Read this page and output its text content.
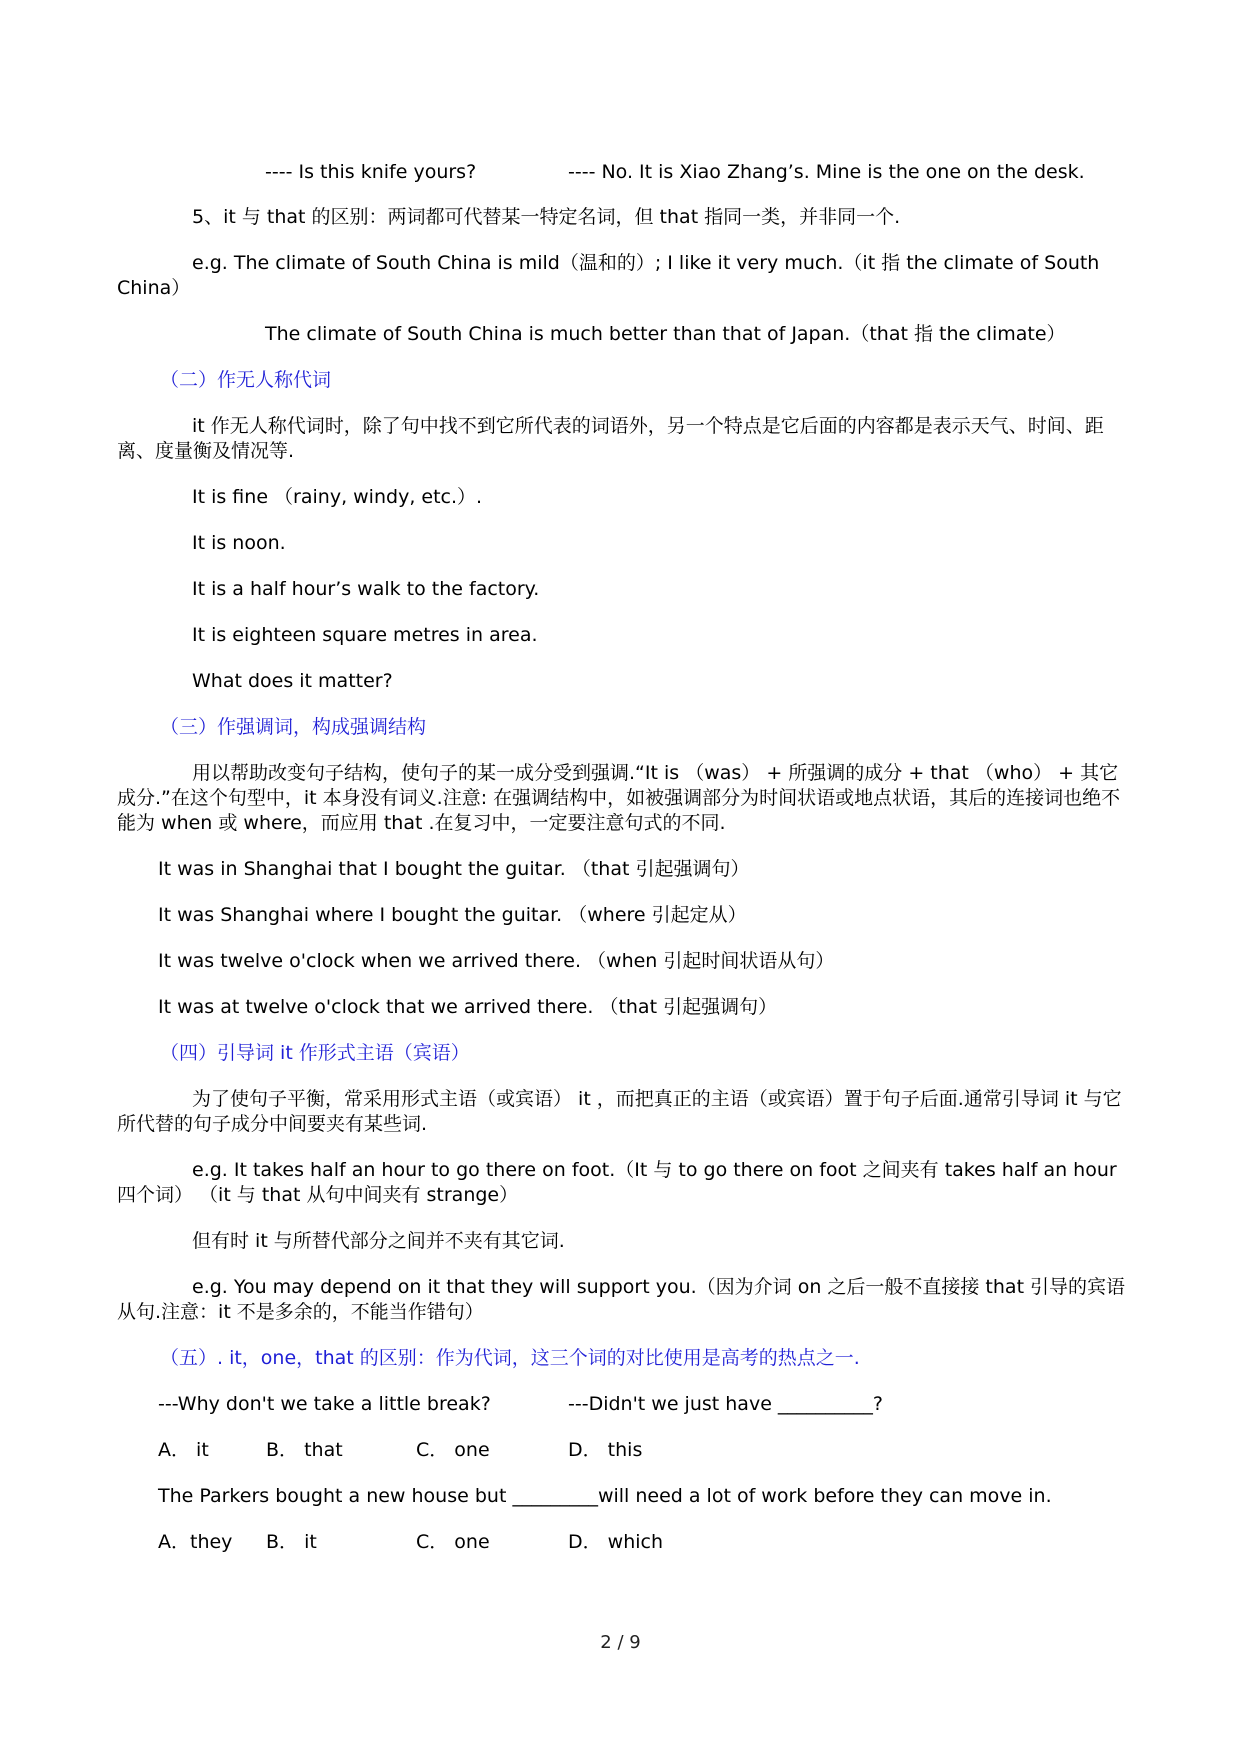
---- Is this knife yours?	---- No. It is Xiao Zhang’s. Mine is the one on the desk.
5、it 与 that 的区别：两词都可代替某一特定名词，但 that 指同一类，并非同一个.
e.g. The climate of South China is mild（温和的）; I like it very much.（it 指 the climate of South China）
The climate of South China is much better than that of Japan.（that 指 the climate）
（二）作无人称代词
it 作无人称代词时，除了句中找不到它所代表的词语外，另一个特点是它后面的内容都是表示天气、时间、距离、度量衡及情况等.
It is fine （rainy, windy, etc.）.
It is noon.
It is a half hour’s walk to the factory.
It is eighteen square metres in area.
What does it matter?
（三）作强调词，构成强调结构
用以帮助改变句子结构，使句子的某一成分受到强调.“It is （was） + 所强调的成分 + that （who） + 其它成分.”在这个句型中，it 本身没有词义.注意: 在强调结构中，如被强调部分为时间状语或地点状语，其后的连接词也绝不能为 when 或 where，而应用 that .在复习中，一定要注意句式的不同.
It was in Shanghai that I bought the guitar. （that 引起强调句）
It was Shanghai where I bought the guitar. （where 引起定从）
It was twelve o'clock when we arrived there. （when 引起时间状语从句）
It was at twelve o'clock that we arrived there. （that 引起强调句）
（四）引导词 it 作形式主语（宾语）
为了使句子平衡，常采用形式主语（或宾语） it ，而把真正的主语（或宾语）置于句子后面.通常引导词 it 与它所代替的句子成分中间要夹有某些词.
e.g. It takes half an hour to go there on foot.（It 与 to go there on foot 之间夹有 takes half an hour 四个词） （it 与 that 从句中间夹有 strange）
但有时 it 与所替代部分之间并不夹有其它词.
e.g. You may depend on it that they will support you.（因为介词 on 之后一般不直接接 that 引导的宾语从句.注意：it 不是多余的，不能当作错句）
（五）. it，one，that 的区别：作为代词，这三个词的对比使用是高考的热点之一.
---Why don't we take a little break?	---Didn't we just have __________?
A． it	B． that	C． one	D． this
The Parkers bought a new house but _________will need a lot of work before they can move in.
A．they B． it	C． one	D． which
2 / 9
